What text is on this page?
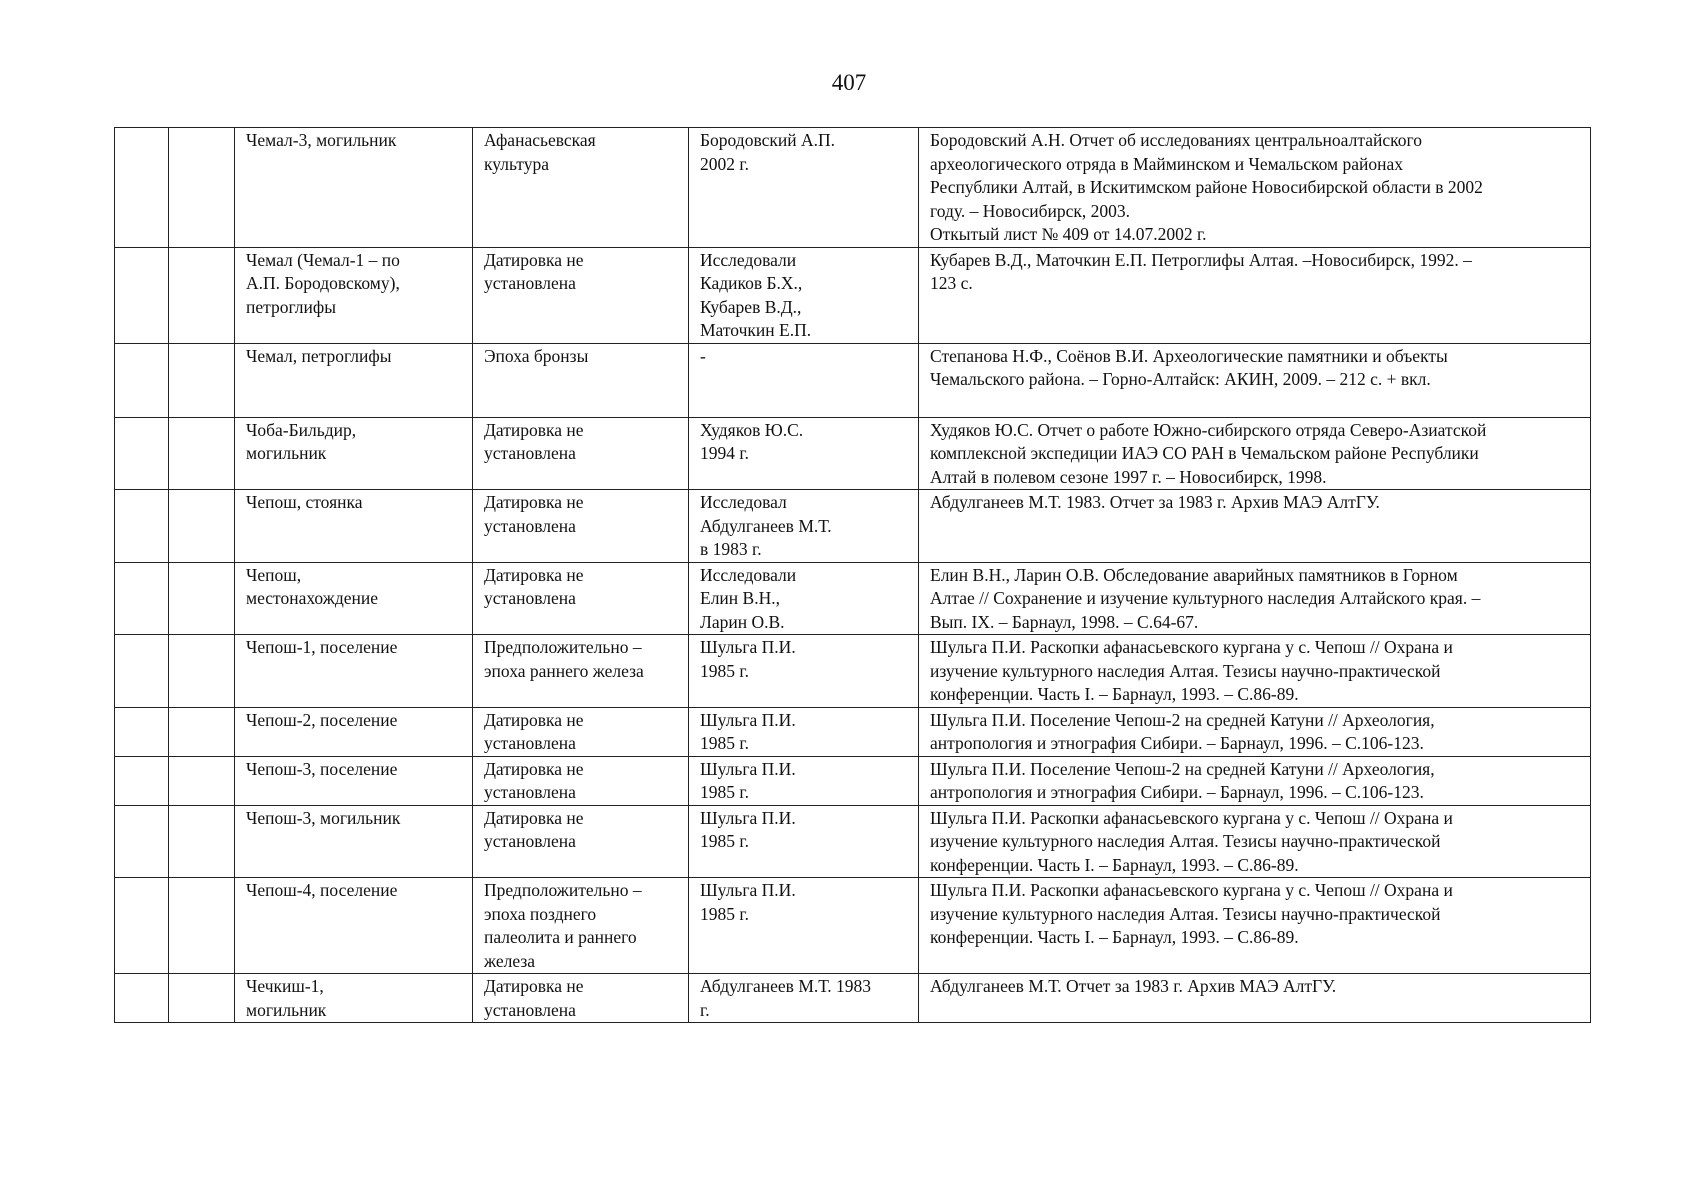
407

		Чемал-3, могильник	Афанасьевская
культура	Бородовский А.П.
2002 г.	Бородовский А.Н. Отчет об исследованиях центральноалтайского
археологического отряда в Майминском и Чемальском районах
Республики Алтай, в Искитимском районе Новосибирской области в 2002
году. – Новосибирск, 2003.
Откытый лист № 409 от 14.07.2002 г.

		Чемал (Чемал-1 – по
А.П. Бородовскому),
петроглифы	Датировка не
установлена	Исследовали
Кадиков Б.Х.,
Кубарев В.Д.,
Маточкин Е.П.	Кубарев В.Д., Маточкин Е.П. Петроглифы Алтая. –Новосибирск, 1992. –
123 с.

		Чемал, петроглифы	Эпоха бронзы	-	Степанова Н.Ф., Соёнов В.И. Археологические памятники и объекты
Чемальского района. – Горно-Алтайск: АКИН, 2009. – 212 с. + вкл.

		Чоба-Бильдир,
могильник	Датировка не
установлена	Худяков Ю.С.
1994 г.	Худяков Ю.С. Отчет о работе Южно-сибирского отряда Северо-Азиатской
комплексной экспедиции ИАЭ СО РАН в Чемальском районе Республики
Алтай в полевом сезоне 1997 г. – Новосибирск, 1998.

		Чепош, стоянка	Датировка не
установлена	Исследовал
Абдулганеев М.Т.
в 1983 г.	Абдулганеев М.Т. 1983. Отчет за 1983 г. Архив МАЭ АлтГУ.

		Чепош,
местонахождение	Датировка не
установлена	Исследовали
Елин В.Н.,
Ларин О.В.	Елин В.Н., Ларин О.В. Обследование аварийных памятников в Горном
Алтае // Сохранение и изучение культурного наследия Алтайского края. –
Вып. IX. – Барнаул, 1998. – С.64-67.

		Чепош-1, поселение	Предположительно –
эпоха раннего железа	Шульга П.И.
1985 г.	Шульга П.И. Раскопки афанасьевского кургана у с. Чепош // Охрана и
изучение культурного наследия Алтая. Тезисы научно-практической
конференции. Часть I. – Барнаул, 1993. – С.86-89.

		Чепош-2, поселение	Датировка не
установлена	Шульга П.И.
1985 г.	Шульга П.И. Поселение Чепош-2 на средней Катуни // Археология,
антропология и этнография Сибири. – Барнаул, 1996. – С.106-123.

		Чепош-3, поселение	Датировка не
установлена	Шульга П.И.
1985 г.	Шульга П.И. Поселение Чепош-2 на средней Катуни // Археология,
антропология и этнография Сибири. – Барнаул, 1996. – С.106-123.

		Чепош-3, могильник	Датировка не
установлена	Шульга П.И.
1985 г.	Шульга П.И. Раскопки афанасьевского кургана у с. Чепош // Охрана и
изучение культурного наследия Алтая. Тезисы научно-практической
конференции. Часть I. – Барнаул, 1993. – С.86-89.

		Чепош-4, поселение	Предположительно –
эпоха позднего
палеолита и раннего
железа	Шульга П.И.
1985 г.	Шульга П.И. Раскопки афанасьевского кургана у с. Чепош // Охрана и
изучение культурного наследия Алтая. Тезисы научно-практической
конференции. Часть I. – Барнаул, 1993. – С.86-89.

		Чечкиш-1,
могильник	Датировка не
установлена	Абдулганеев М.Т. 1983
г.	Абдулганеев М.Т. Отчет за 1983 г. Архив МАЭ АлтГУ.
